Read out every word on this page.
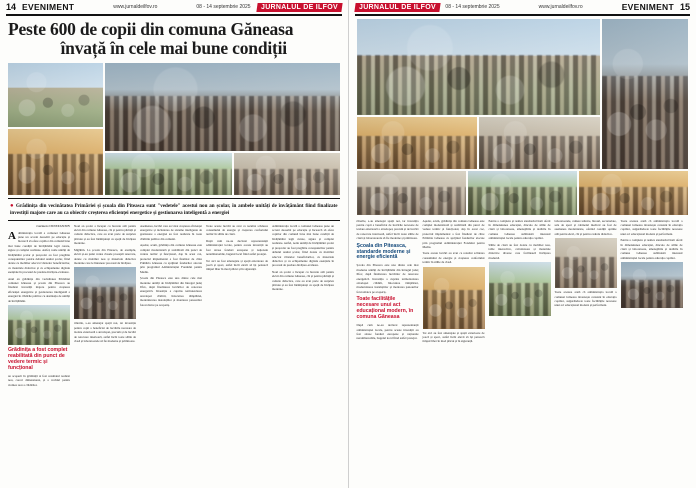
14 EVENIMENT	www.jurnaldeilfov.ro	08 - 14 septembrie 2025	JURNALUL DE ILFOV
Peste 600 de copii din comuna Găneasa
învață în cele mai bune condiții
● Grădinița din vecinătatea Primăriei și școala din Piteasca sunt "vedetele" acestui nou an școlar, în ambele unități de învățământ fiind finalizate investiții majore care au ca obiectiv creșterea eficienței energetice și gestionarea inteligentă a energiei
Carmen CONSTANTIN

Administrația locală a comunei Găneasa pune un accent deosebit pe educație și încearcă să ofere copiilor din comună brne mai bune condiții de învățământ legii curate, sigure și complet realizate. Astfel, noile unități de învățământ școlar și preșcolar au fost pregătite corespunzător pentru debutul anului școlar, fiind dotate cu mobilier adecvat vârstelor beneficiarilor, cu materiale didactice și cu echipamente digitale esențiale în procesul de predare-învățare-evaluare.

Anul an grădinița din vecinătatea Primăriei comunei Găneasa și școala din Piteasca au finalizat investiții majore pentru creșterea eficienței energetice și gestionarea inteligentă a energiei în clădirile publice cu destinația de unități de învățământ.

Grădinița a fost complet reabilitată din punct de vedere termic și funcțional

an acoperit în grădiniță ai fost rezultatul realizat nou, corect dimensionat, și a vechiul pentru vremea rece a clădirilor.

Noul an școlar a început cu bucurie atât pentru elevii din comuna Găneasa, cât și pentru părinții și cadrele didactice, care au avut parte de surprize plăcute și au fost întâmpinați cu spații de învățare moderne.

Migălim. La școala din Piteasca, de exemplu, elevii și-au putut vedea clasele proaspăt renovate, dotate cu mobilier nou și materiale didactice moderne care le înlesnesc procesul de învățare.

rilterile, s-au amenajat spații noi, iar investiția pentru copii a beneficiat de lucrările necesare de izolare exterioară a anvelopei, precum și de lucrări de renovare interioară, astfel încât toate sălile de clasă și laboratoarele să fie moderne și primitoare.

Asemenea, lucrări care au vizat creșterea eficienței energetice și includerea de sisteme inteligente de gestionare a energiei au fost realizate în toate clădirile publice din comună.

Așadar, acum, grădinița din comuna Găneasa este complet modernizată și reabilitată din punct de vedere termic și funcțional, dар în acest caz, proiectul implementat a fost finalizat de către Primăria Găneasa cu sprijinul fondurilor alocate prin programul Administrației Fondului pentru Mediu.

Școala din Piteasca este una dintre cele mai moderne unități de învățământ din întregul județ Ilfov, după finalizarea lucrărilor de renovare energetică. Investiția a cuprins termoizolarea anvelopei clădirii, înlocuirea tâmplăriei, modernizarea instalațiilor și montarea panourilor fotovoltaice pe acoperiș.

Toate aceste lucrări au avut ca rezultat scăderea consumului de energie și creșterea confortului termic în sălile de clasă.

După cum ne-au declarat reprezentanții administrației locale, pentru aceste investiții au fost atrase fonduri europene și naționale nerambursabile, bugetul local fiind astfel protejat.

Tot aici au fost amenajate și spații exterioare de joacă și sport, astfel încât elevii să își petreacă timpul liber în mod plăcut și în siguranță.

Administrația locală a comunei Găneasa pune un accent deosebit pe educație și încearcă să ofere copiilor din comună brne mai bune condiții de învățământ legii curate, sigure și complet realizate. Astfel, noile unități de învățământ școlar și preșcolar au fost pregătite corespunzător pentru debutul anului școlar, fiind dotate cu mobilier adecvat vârstelor beneficiarilor, cu materiale didactice și cu echipamente digitale esențiale în procesul de predare-învățare-evaluare.

Noul an școlar a început cu bucurie atât pentru elevii din comuna Găneasa, cât și pentru părinții și cadrele didactice, care au avut parte de surprize plăcute și au fost întâmpinați cu spații de învățare moderne.

JURNALUL DE ILFOV	08 - 14 septembrie 2025	www.jurnaldeilfov.ro	EVENIMENT 15

rilterile, s-au amenajat spații noi, iar investiția pentru copii a beneficiat de lucrările necesare de izolare exterioară a anvelopei, precum și de lucrări de renovare interioară, astfel încât toate sălile de clasă și laboratoarele să fie moderne și primitoare.

Școala din Piteasca, standarde moderne și energie eficientă

Școala din Piteasca este una dintre cele mai moderne unități de învățământ din întregul județ Ilfov, după finalizarea lucrărilor de renovare energetică. Investiția a cuprins termoizolarea anvelopei clădirii, înlocuirea tâmplăriei, modernizarea instalațiilor și montarea panourilor fotovoltaice pe acoperiș.

Toate facilitățile necesare unui act educațional modern, în comuna Găneasa

După cum ne-au declarat reprezentanții administrației locale, pentru aceste investiții au fost atrase fonduri europene și naționale nerambursabile, bugetul local fiind astfel protejat.

Așadar, acum, grădinița din comuna Găneasa este complet modernizată și reabilitată din punct de vedere termic și funcțional, dар în acest caz, proiectul implementat a fost finalizat de către Primăria Găneasa cu sprijinul fondurilor alocate prin programul Administrației Fondului pentru Mediu.

Toate aceste lucrări au avut ca rezultat scăderea consumului de energie și creșterea confortului termic în sălile de clasă.

Tot aici au fost amenajate și spații exterioare de joacă și sport, astfel încât elevii să își petreacă timpul liber în mod plăcut și în siguranță.

Pentru a completa și realiza standardul înalt oferit în dimensiunea educației, dincolo de sălile de clasă și laboratoare, amenajările și dotările în comuna Găneasa subliniază interesul administrației locale pentru educația copiilor.

Sălile de clasă au fost dotate cu mobilier nou, table interactive, calculatoare și materiale didactice diverse care facilitează învățarea modernă.

laboratoarele, camere tehnice, birouri, secretariate, sala de sport și cabinetul medical au fost de asemenea modernizate, oferind condiții optime atât pentru elevi, cât și pentru cadrele didactice.

Toate acestea arată că administrația locală a comunei Găneasa investește constant în educația copiilor, asigurându-le toate facilitățile necesare unui act educațional modern și performant.

Toate acestea arată că administrația locală a comunei Găneasa investește constant în educația copiilor, asigurându-le toate facilitățile necesare unui act educațional modern și performant.

Pentru a completa și realiza standardul înalt oferit în dimensiunea educației, dincolo de sălile de clasă și laboratoare, amenajările și dotările în comuna Găneasa subliniază interesul administrației locale pentru educația copiilor.
